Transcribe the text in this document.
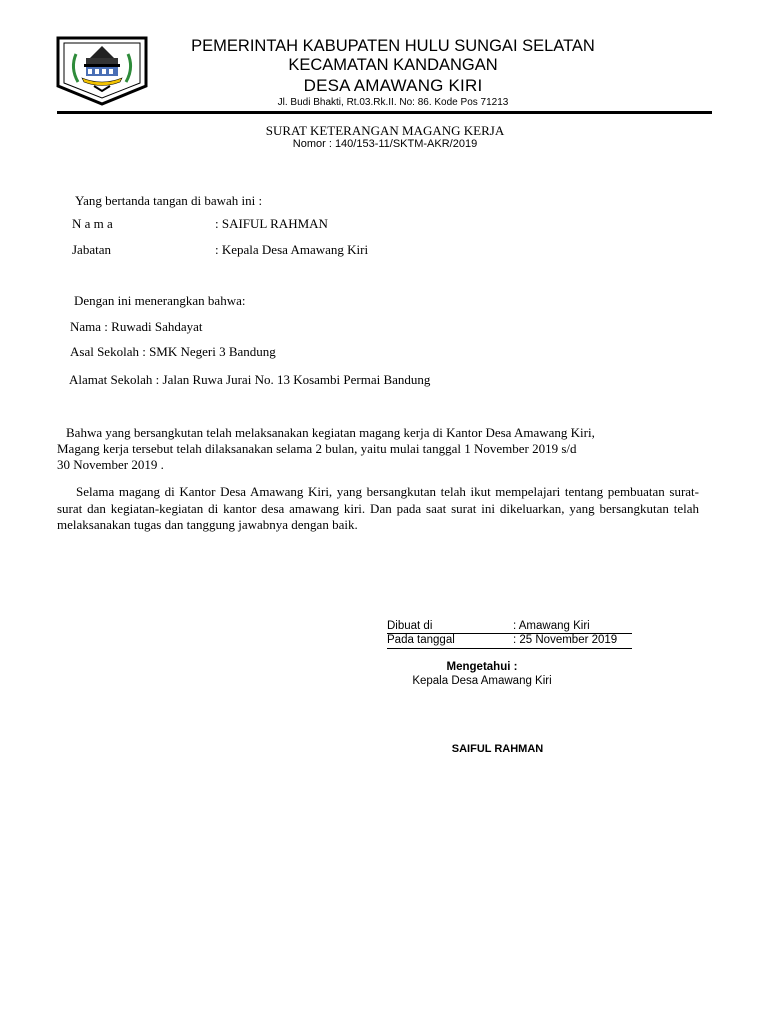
PEMERINTAH KABUPATEN HULU SUNGAI SELATAN
KECAMATAN KANDANGAN
DESA AMAWANG KIRI
Jl. Budi Bhakti, Rt.03.Rk.II. No: 86. Kode Pos 71213
SURAT KETERANGAN MAGANG KERJA
Nomor : 140/153-11/SKTM-AKR/2019
Yang bertanda tangan di bawah ini :
N a m a	: SAIFUL RAHMAN
Jabatan	: Kepala Desa Amawang Kiri
Dengan ini menerangkan bahwa:
Nama : Ruwadi Sahdayat
Asal Sekolah : SMK Negeri 3 Bandung
Alamat Sekolah : Jalan Ruwa Jurai No. 13 Kosambi Permai Bandung
Bahwa yang bersangkutan telah melaksanakan kegiatan magang kerja di Kantor Desa Amawang Kiri,
Magang kerja tersebut telah dilaksanakan selama 2 bulan, yaitu mulai tanggal 1 November 2019 s/d
30 November 2019 .
Selama magang di Kantor Desa Amawang Kiri, yang bersangkutan telah ikut mempelajari tentang pembuatan surat-surat dan kegiatan-kegiatan di kantor desa amawang kiri. Dan pada saat surat ini dikeluarkan, yang bersangkutan telah melaksanakan tugas dan tanggung jawabnya dengan baik.
Dibuat di	: Amawang Kiri
Pada tanggal	: 25 November 2019
Mengetahui :
Kepala Desa Amawang Kiri
SAIFUL RAHMAN
